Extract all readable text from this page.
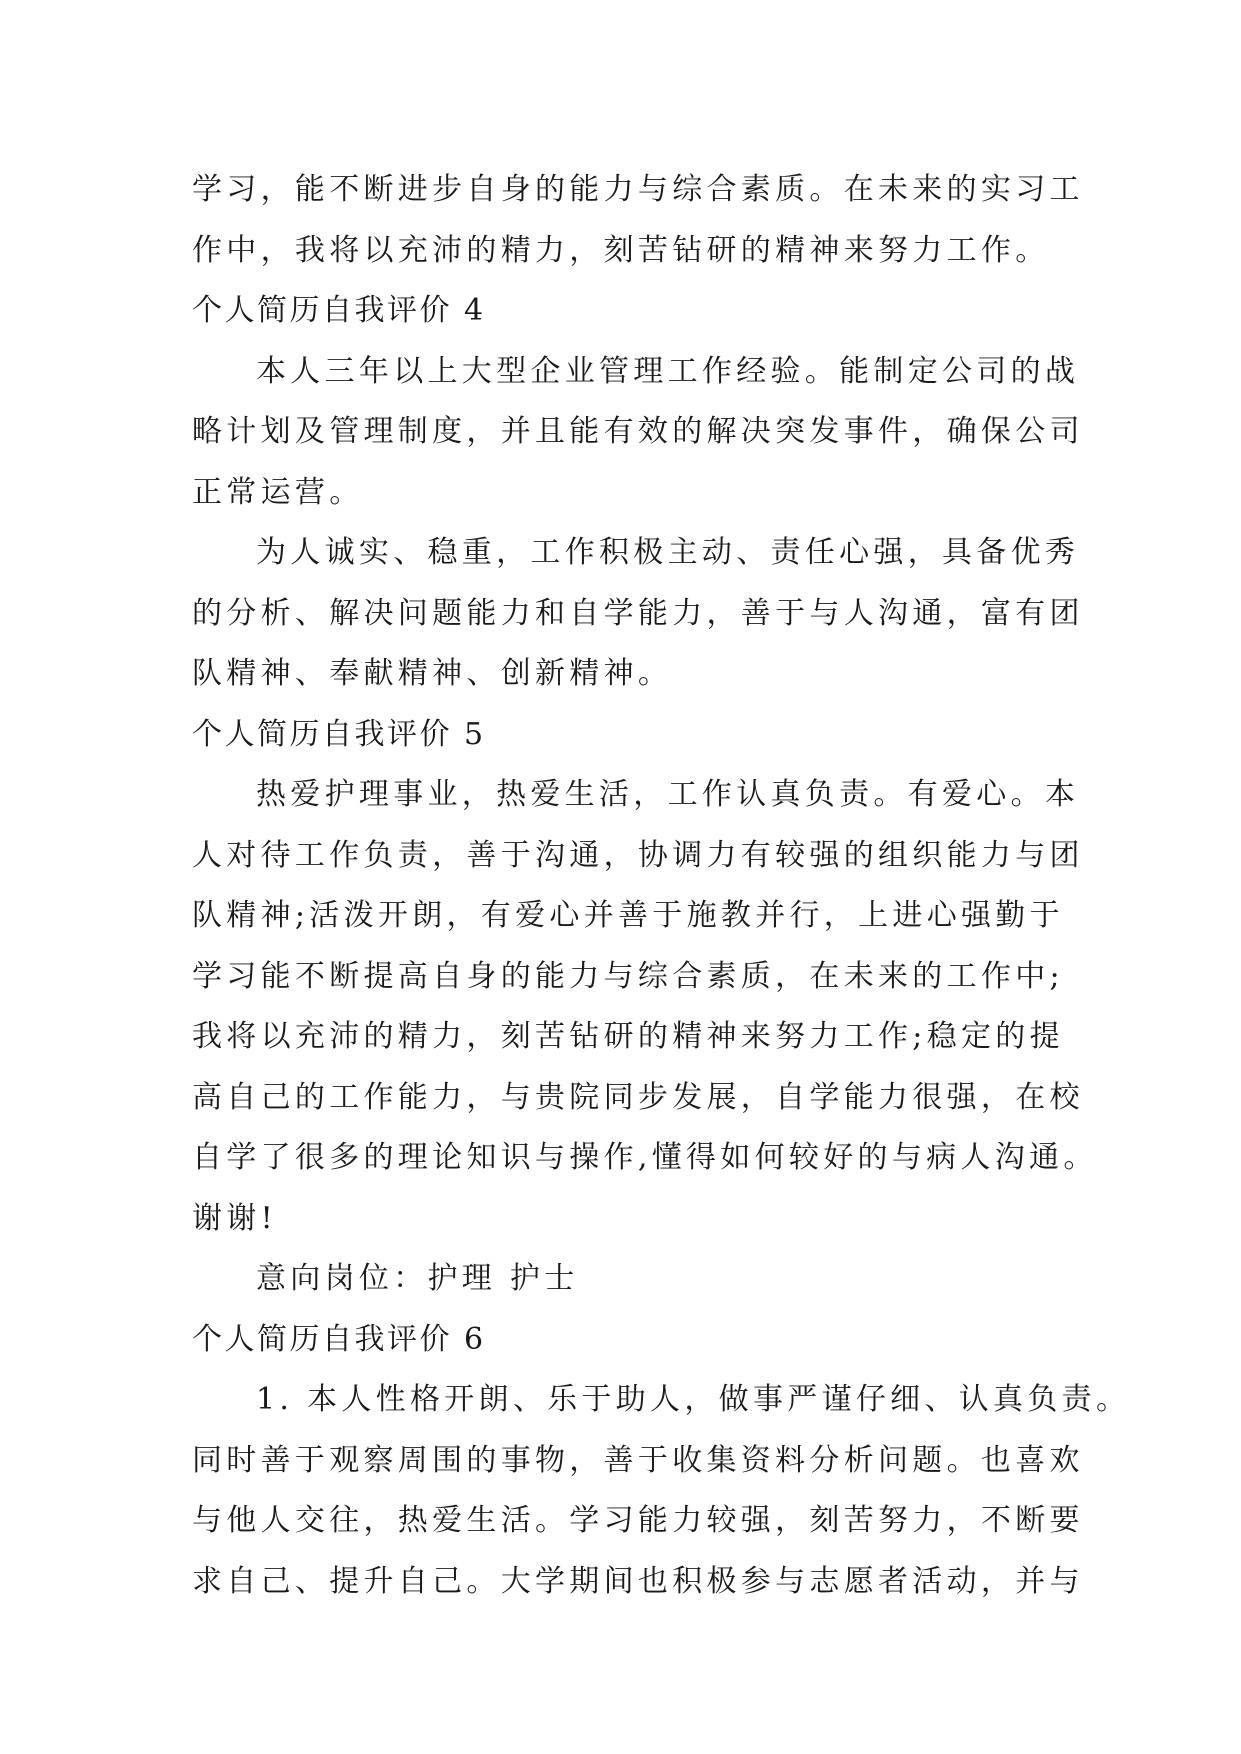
学习，能不断进步自身的能力与综合素质。在未来的实习工
作中，我将以充沛的精力，刻苦钻研的精神来努力工作。
个人简历自我评价 4
本人三年以上大型企业管理工作经验。能制定公司的战
略计划及管理制度，并且能有效的解决突发事件，确保公司
正常运营。
为人诚实、稳重，工作积极主动、责任心强，具备优秀
的分析、解决问题能力和自学能力，善于与人沟通，富有团
队精神、奉献精神、创新精神。
个人简历自我评价 5
热爱护理事业，热爱生活，工作认真负责。有爱心。本
人对待工作负责，善于沟通，协调力有较强的组织能力与团
队精神;活泼开朗，有爱心并善于施教并行，上进心强勤于
学习能不断提高自身的能力与综合素质，在未来的工作中;
我将以充沛的精力，刻苦钻研的精神来努力工作;稳定的提
高自己的工作能力，与贵院同步发展，自学能力很强，在校
自学了很多的理论知识与操作,懂得如何较好的与病人沟通。
谢谢!
意向岗位：护理 护士
个人简历自我评价 6
1. 本人性格开朗、乐于助人，做事严谨仔细、认真负责。
同时善于观察周围的事物，善于收集资料分析问题。也喜欢
与他人交往，热爱生活。学习能力较强，刻苦努力，不断要
求自己、提升自己。大学期间也积极参与志愿者活动，并与
